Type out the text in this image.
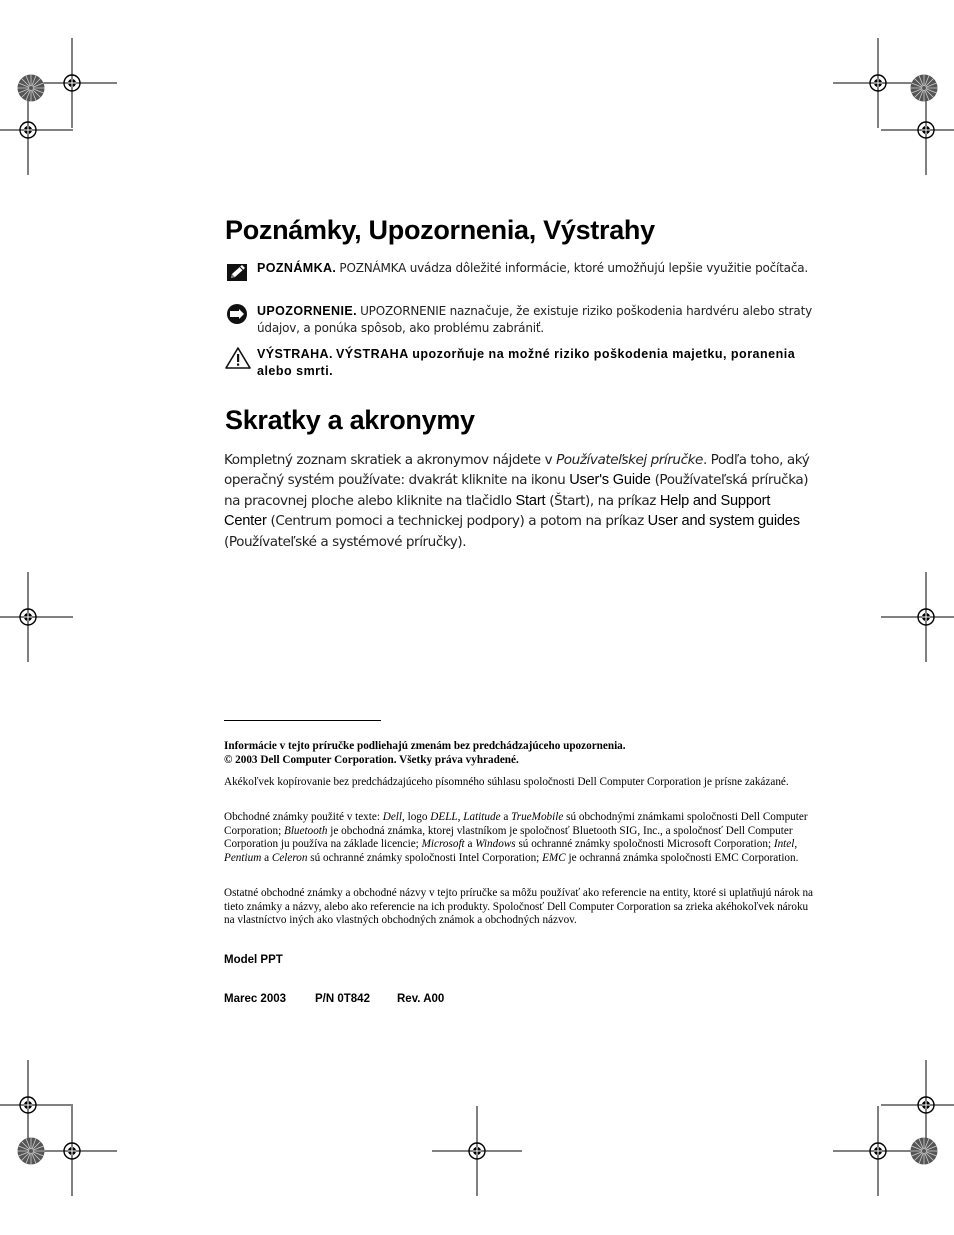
Poznámky, Upozornenia, Výstrahy
POZNÁMKA. POZNÁMKA uvádza dôležité informácie, ktoré umožňujú lepšie využitie počítača.
UPOZORNENIE. UPOZORNENIE naznačuje, že existuje riziko poškodenia hardvéru alebo straty údajov, a ponúka spôsob, ako problému zabrániť.
VÝSTRAHA. VÝSTRAHA upozorňuje na možné riziko poškodenia majetku, poranenia alebo smrti.
Skratky a akronymy

Kompletný zoznam skratiek a akronymov nájdete v Používateľskej príručke. Podľa toho, aký operačný systém používate: dvakrát kliknite na ikonu User's Guide (Používateľská príručka) na pracovnej ploche alebo kliknite na tlačidlo Start (Štart), na príkaz Help and Support Center (Centrum pomoci a technickej podpory) a potom na príkaz User and system guides (Používateľské a systémové príručky).

Informácie v tejto príručke podliehajú zmenám bez predchádzajúceho upozornenia.
© 2003 Dell Computer Corporation. Všetky práva vyhradené.

Akékoľvek kopírovanie bez predchádzajúceho písomného súhlasu spoločnosti Dell Computer Corporation je prísne zakázané.

Obchodné známky použité v texte: Dell, logo DELL, Latitude a TrueMobile sú obchodnými známkami spoločnosti Dell Computer Corporation; Bluetooth je obchodná známka, ktorej vlastníkom je spoločnosť Bluetooth SIG, Inc., a spoločnosť Dell Computer Corporation ju používa na základe licencie; Microsoft a Windows sú ochranné známky spoločnosti Microsoft Corporation; Intel, Pentium a Celeron sú ochranné známky spoločnosti Intel Corporation; EMC je ochranná známka spoločnosti EMC Corporation.

Ostatné obchodné známky a obchodné názvy v tejto príručke sa môžu používať ako referencie na entity, ktoré si uplatňujú nárok na tieto známky a názvy, alebo ako referencie na ich produkty. Spoločnosť Dell Computer Corporation sa zrieka akéhokoľvek nároku na vlastníctvo iných ako vlastných obchodných známok a obchodných názvov.

Model PPT
Marec 2003	P/N 0T842 Rev. A00
